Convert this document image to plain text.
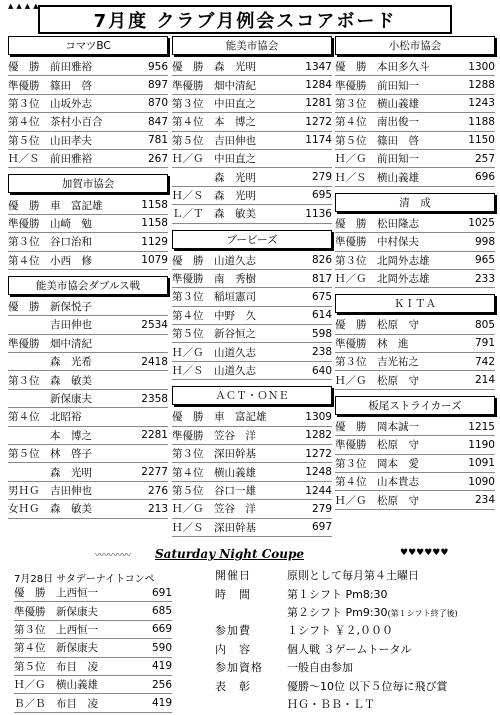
▲▲▲▲
7月度 クラブ月例会スコアボード
コマツBC
優　勝	前田雅裕	956
準優勝	篠田　啓	897
第３位	山坂外志	870
第４位	茶村小百合	847
第５位	山田孝夫	781
Ｈ／Ｓ	前田雅裕	267
加賀市協会
優　勝	車　富記雄	1158
準優勝	山崎　勉	1158
第３位	谷口治和	1129
第４位	小西　修	1079
能美市協会ダブルス戦
優　勝	新保悦子
吉田伸也	2534
準優勝	畑中清紀
森　光希	2418
第３位	森　敏美
新保康夫	2358
第４位	北昭裕
本　博之	2281
第５位	林　啓子
森　光明	2277
男ＨＧ	吉田伸也	276
女ＨＧ	森　敏美	213
能美市協会
優　勝	森　光明	1347
準優勝	畑中清紀	1284
第３位	中田直之	1281
第４位	本　博之	1272
第５位	吉田伸也	1174
Ｈ／Ｇ	中田直之
森　光明	279
Ｈ／Ｓ	森　光明	695
Ｌ／Ｔ	森　敏美	1136
ブービーズ
優　勝	山道久志	826
準優勝	南　秀樹	817
第３位	稲垣憲司	675
第４位	中野　久	614
第５位	新谷恒之	598
Ｈ／Ｇ	山道久志	238
Ｈ／Ｓ	山道久志	640
ＡＣＴ・ＯＮＥ
優　勝	車　富記雄	1309
準優勝	笠谷　洋	1282
第３位	深田幹基	1272
第４位	横山義雄	1248
第５位	谷口一雄	1244
Ｈ／Ｇ	笠谷　洋	279
Ｈ／Ｓ	深田幹基	697
小松市協会
優　勝	本田多久斗	1300
準優勝	前田知一	1288
第３位	横山義雄	1243
第４位	南出俊一	1188
第５位	篠田　啓	1150
Ｈ／Ｇ	前田知一	257
Ｈ／Ｓ	横山義雄	696
清　成
優　勝	松田隆志	1025
準優勝	中村保夫	998
第３位	北岡外志雄	965
Ｈ／Ｇ	北岡外志雄	233
ＫＩＴＡ
優　勝	松原　守	805
準優勝	林　進	791
第３位	吉光祐之	742
Ｈ／Ｇ	松原　守	214
板尾ストライカーズ
優　勝	岡本誠一	1215
準優勝	松原　守	1190
第３位	岡本　愛	1091
第４位	山本貴志	1090
Ｈ／Ｇ	松原　守	234
〰〰〰〰 Saturday Night Coupe	♥♥♥♥♥♥
7月28日 サタデーナイトコンペ
優　勝	上西恒一	691
準優勝	新保康夫	685
第３位	上西恒一	669
第４位	新保康夫	590
第５位	布目　凌	419
Ｈ／Ｇ	横山義雄	256
Ｂ／Ｂ	布目　凌	419
開催日	原則として毎月第４土曜日
時　間	第１シフト Pm8:30
第２シフト Pm9:30(第１シフト終了後)
参加費	１シフト ￥２,０００
内　容	個人戦 ３ゲームトータル
参加資格	一般自由参加
表　彰	優勝〜10位 以下５位毎に飛び賞
ＨＧ・ＢＢ・ＬＴ
